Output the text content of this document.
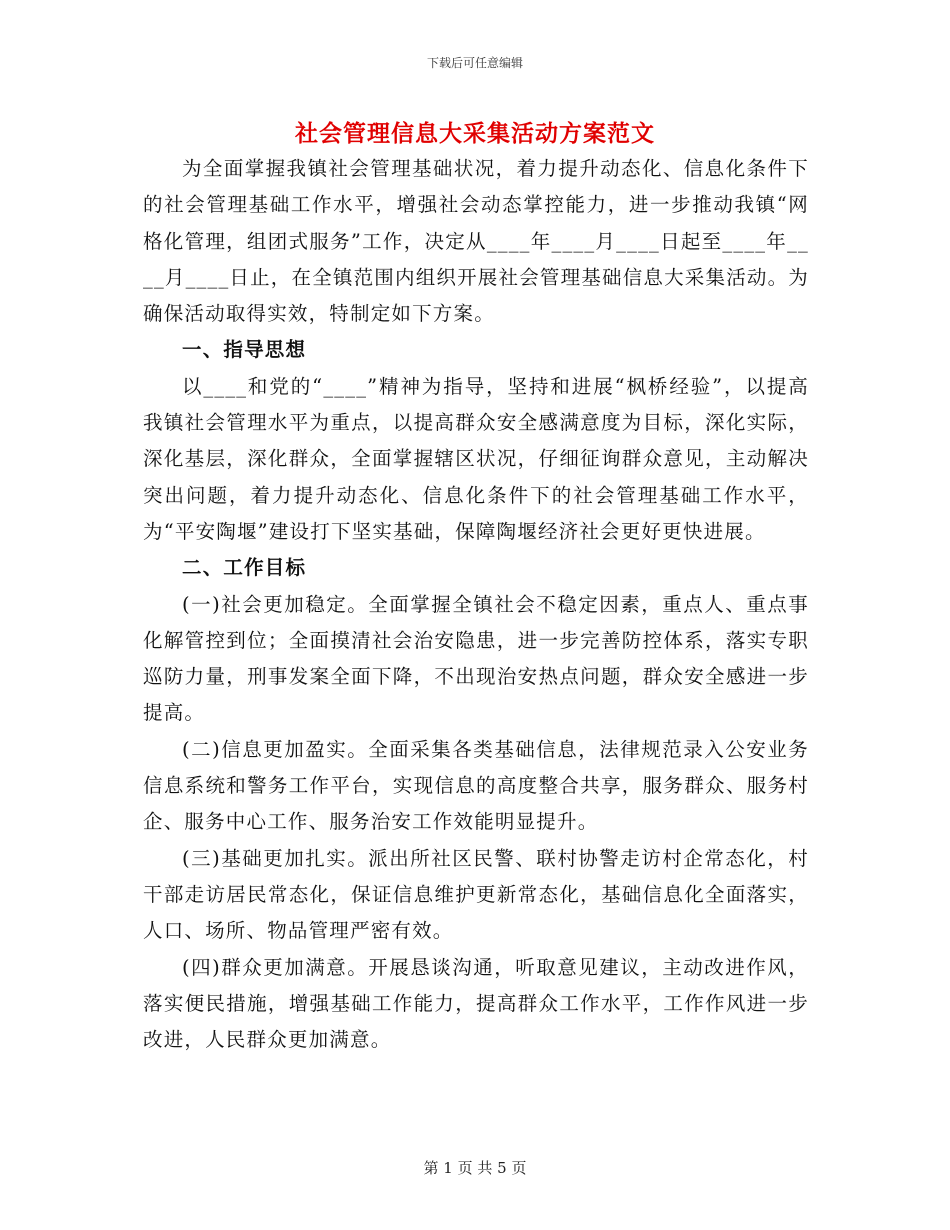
下载后可任意编辑
社会管理信息大采集活动方案范文

为全面掌握我镇社会管理基础状况，着力提升动态化、信息化条件下的社会管理基础工作水平，增强社会动态掌控能力，进一步推动我镇“网格化管理，组团式服务”工作，决定从____年____月____日起至____年____月____日止，在全镇范围内组织开展社会管理基础信息大采集活动。为确保活动取得实效，特制定如下方案。

一、指导思想

以____和党的“____”精神为指导，坚持和进展“枫桥经验”，以提高我镇社会管理水平为重点，以提高群众安全感满意度为目标，深化实际，深化基层，深化群众，全面掌握辖区状况，仔细征询群众意见，主动解决突出问题，着力提升动态化、信息化条件下的社会管理基础工作水平，为“平安陶堰”建设打下坚实基础，保障陶堰经济社会更好更快进展。

二、工作目标

(一)社会更加稳定。全面掌握全镇社会不稳定因素，重点人、重点事化解管控到位；全面摸清社会治安隐患，进一步完善防控体系，落实专职巡防力量，刑事发案全面下降，不出现治安热点问题，群众安全感进一步提高。

(二)信息更加盈实。全面采集各类基础信息，法律规范录入公安业务信息系统和警务工作平台，实现信息的高度整合共享，服务群众、服务村企、服务中心工作、服务治安工作效能明显提升。

(三)基础更加扎实。派出所社区民警、联村协警走访村企常态化，村干部走访居民常态化，保证信息维护更新常态化，基础信息化全面落实，人口、场所、物品管理严密有效。

(四)群众更加满意。开展恳谈沟通，听取意见建议，主动改进作风，落实便民措施，增强基础工作能力，提高群众工作水平，工作作风进一步改进，人民群众更加满意。

第 1 页 共 5 页
